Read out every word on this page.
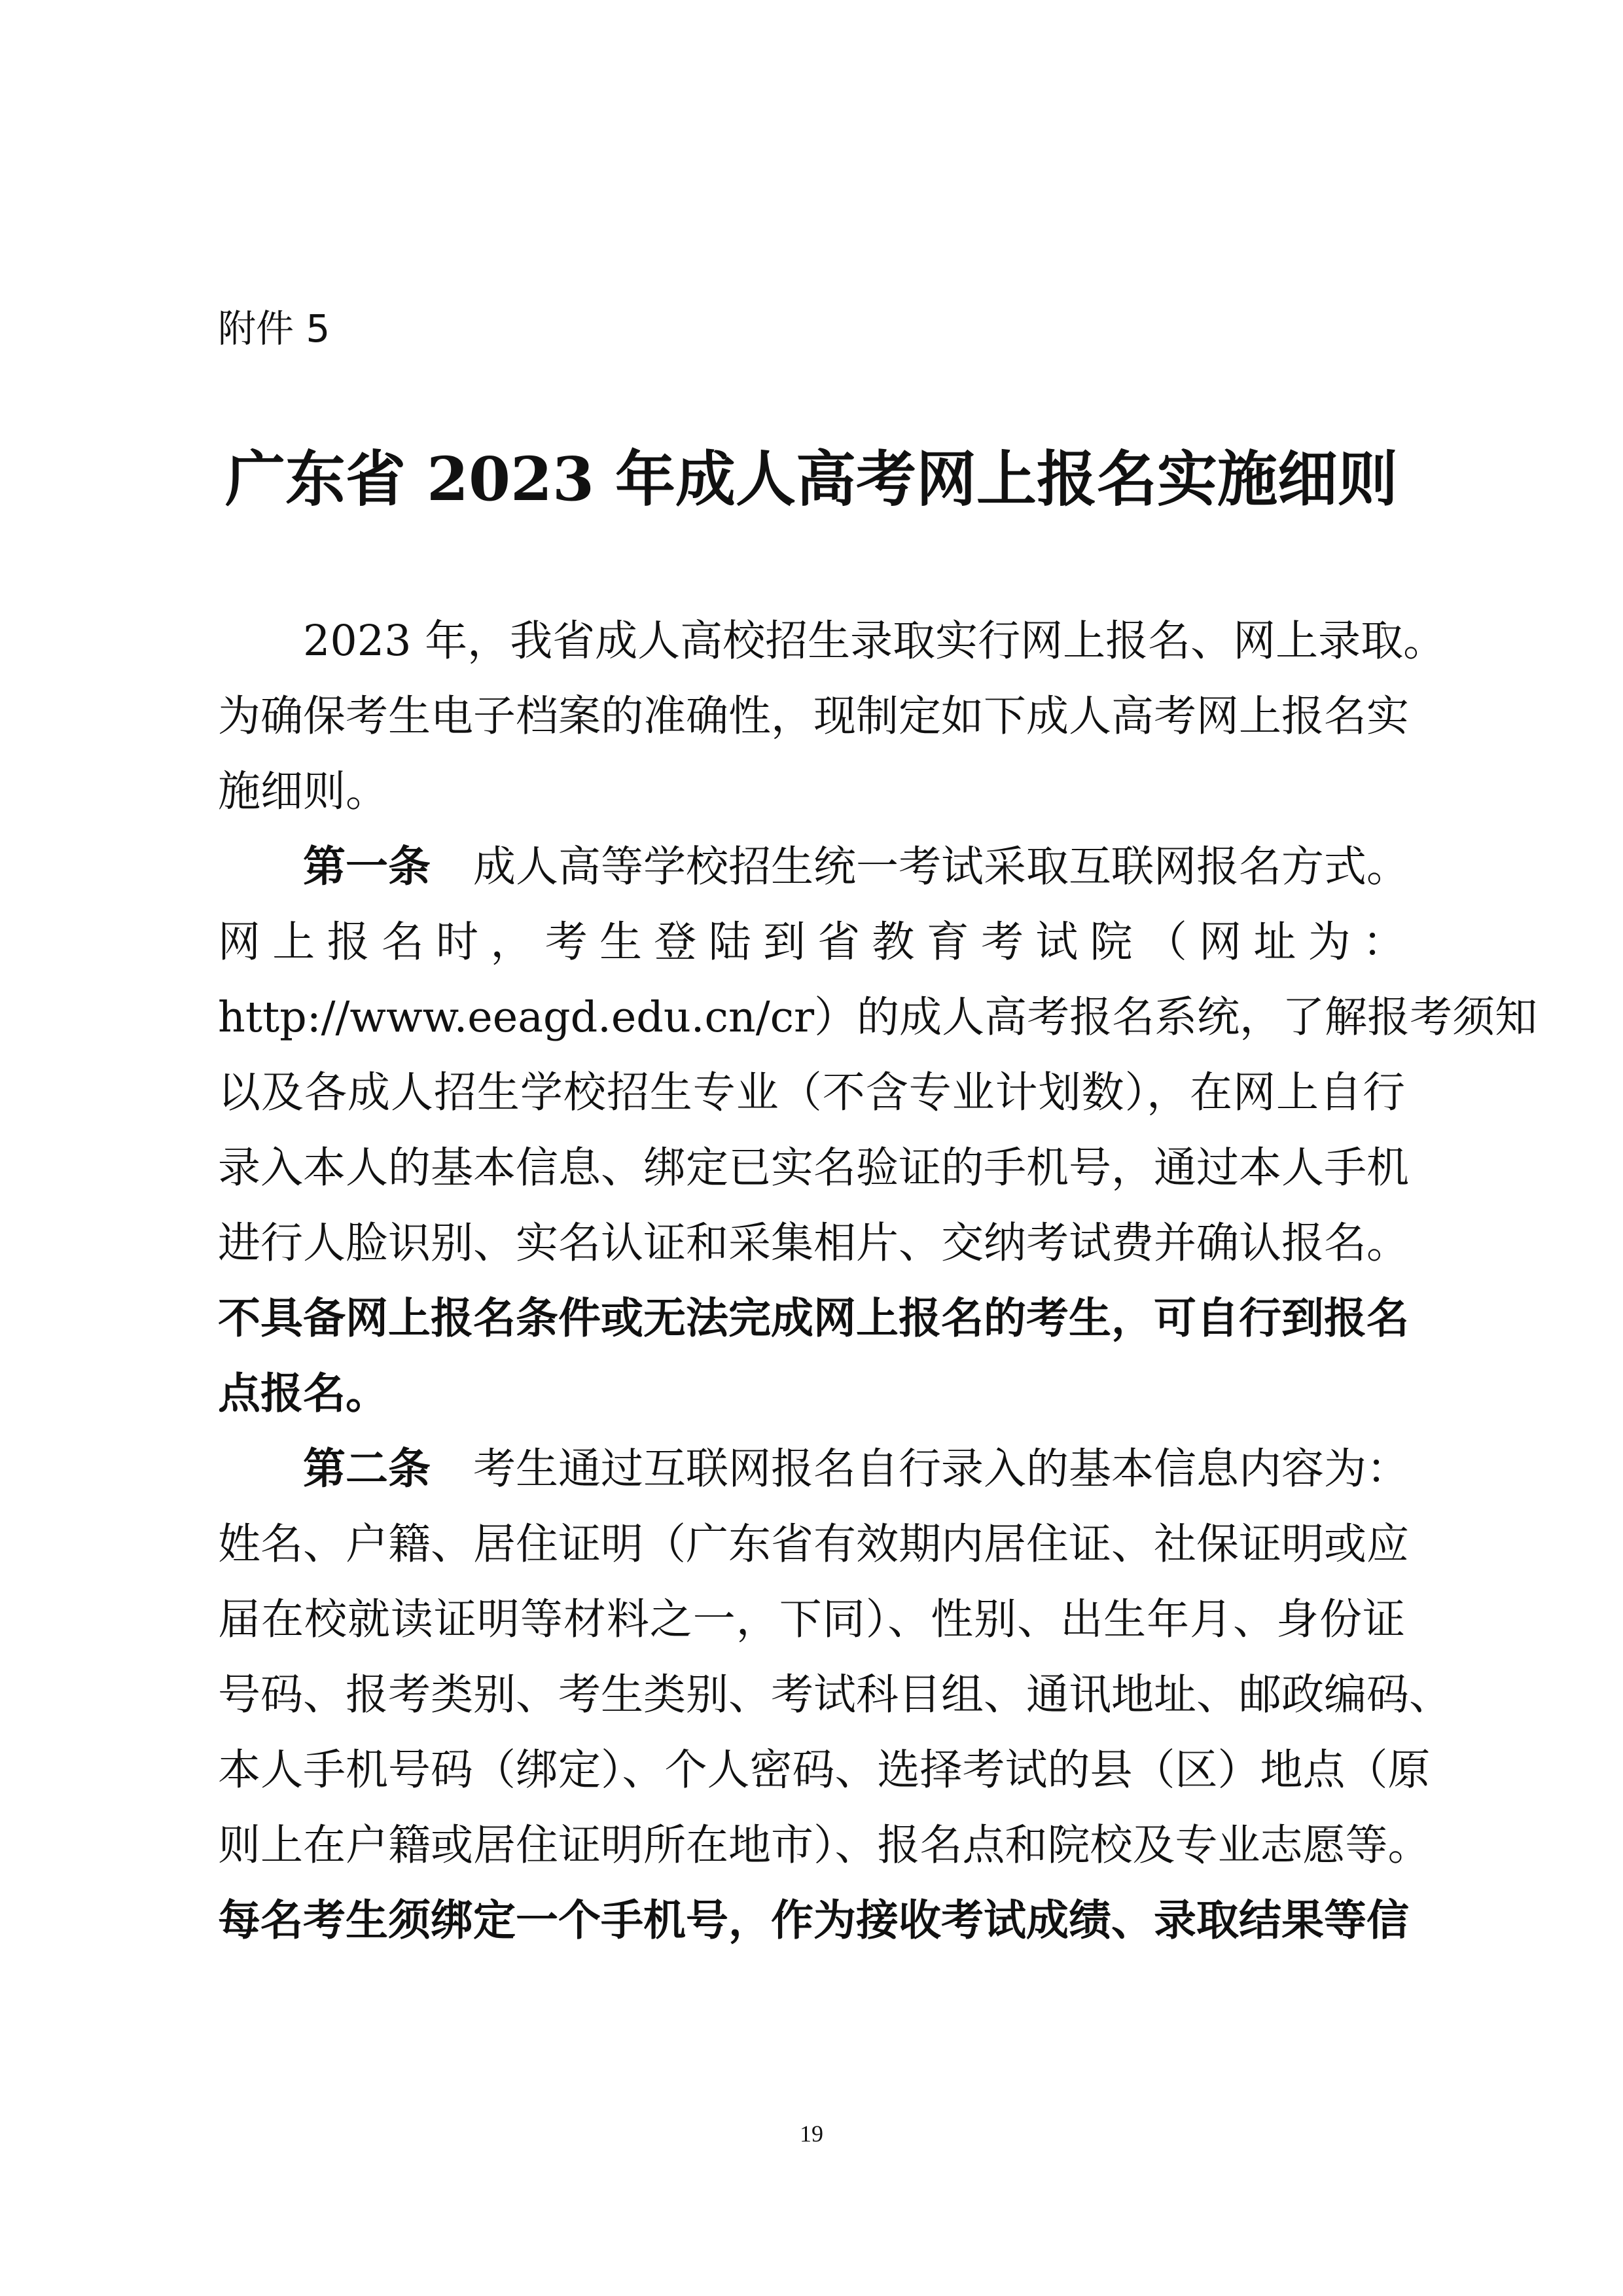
附件 5
广东省 2023 年成人高考网上报名实施细则
2023 年，我省成人高校招生录取实行网上报名、网上录取。
为确保考生电子档案的准确性，现制定如下成人高考网上报名实
施细则。
第一条  成人高等学校招生统一考试采取互联网报名方式。
网上报名时，考生登陆到省教育考试院（网址为：
http://www.eeagd.edu.cn/cr）的成人高考报名系统，了解报考须知
以及各成人招生学校招生专业（不含专业计划数），在网上自行
录入本人的基本信息、绑定已实名验证的手机号，通过本人手机
进行人脸识别、实名认证和采集相片、交纳考试费并确认报名。
不具备网上报名条件或无法完成网上报名的考生，可自行到报名
点报名。
第二条  考生通过互联网报名自行录入的基本信息内容为：
姓名、户籍、居住证明（广东省有效期内居住证、社保证明或应
届在校就读证明等材料之一，下同）、性别、出生年月、身份证
号码、报考类别、考生类别、考试科目组、通讯地址、邮政编码、
本人手机号码（绑定）、个人密码、选择考试的县（区）地点（原
则上在户籍或居住证明所在地市）、报名点和院校及专业志愿等。
每名考生须绑定一个手机号，作为接收考试成绩、录取结果等信
19
